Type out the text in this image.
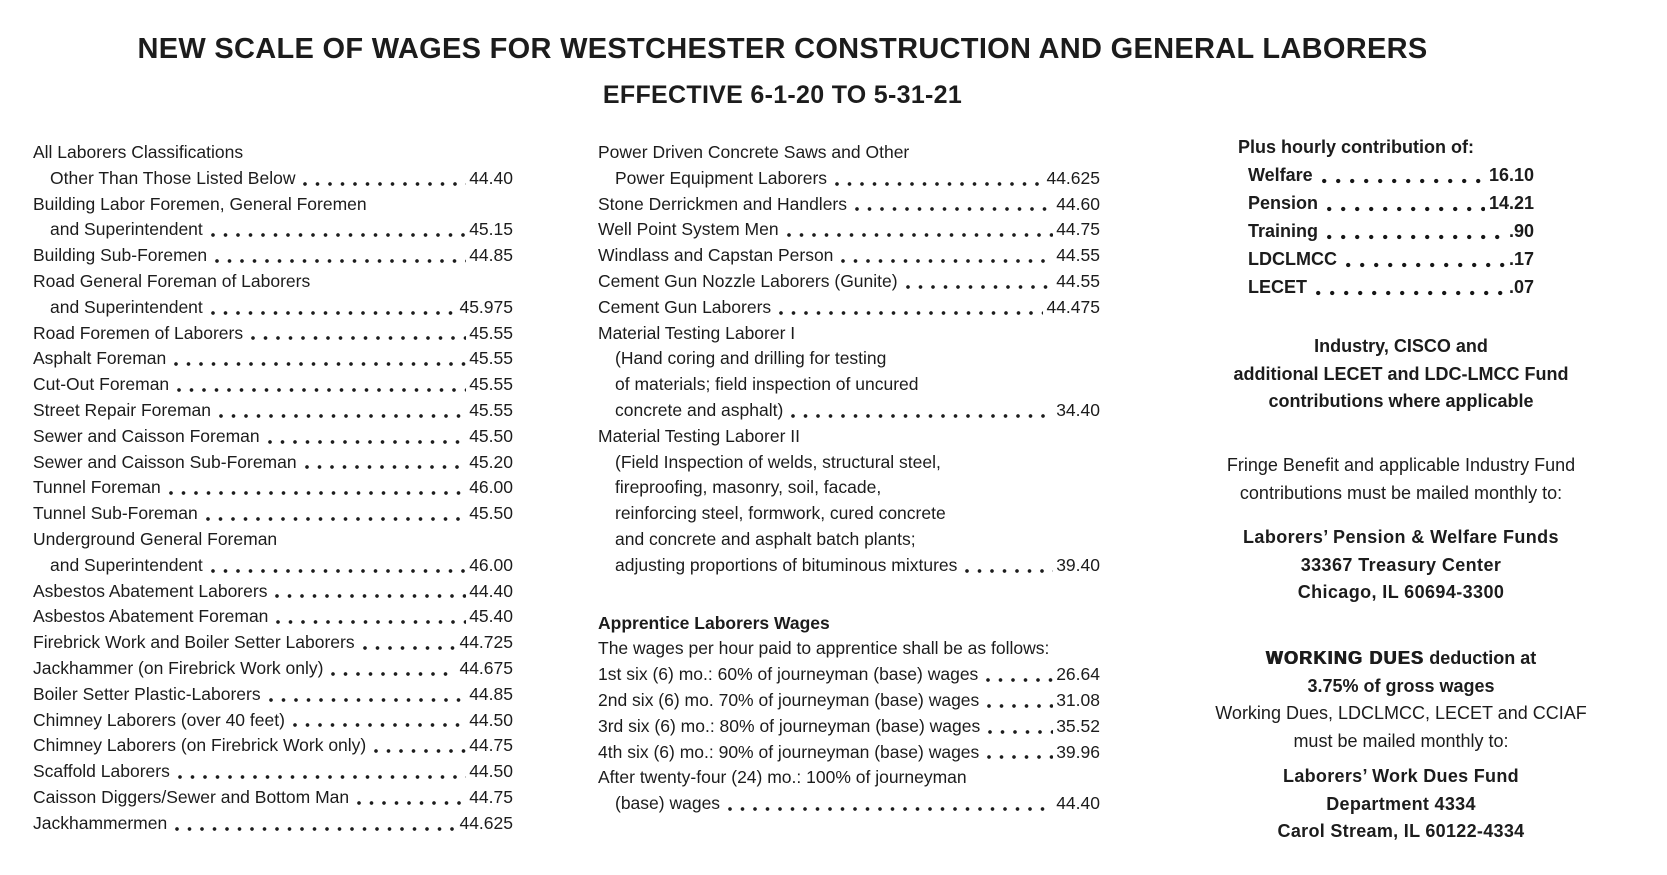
NEW SCALE OF WAGES FOR WESTCHESTER CONSTRUCTION AND GENERAL LABORERS
EFFECTIVE 6-1-20 TO 5-31-21
All Laborers Classifications
Other Than Those Listed Below	44.40
Building Labor Foremen, General Foremen
and Superintendent	45.15
Building Sub-Foremen	44.85
Road General Foreman of Laborers
and Superintendent	45.975
Road Foremen of Laborers	45.55
Asphalt Foreman	45.55
Cut-Out Foreman	45.55
Street Repair Foreman	45.55
Sewer and Caisson Foreman	45.50
Sewer and Caisson Sub-Foreman	45.20
Tunnel Foreman	46.00
Tunnel Sub-Foreman	45.50
Underground General Foreman
and Superintendent	46.00
Asbestos Abatement Laborers	44.40
Asbestos Abatement Foreman	45.40
Firebrick Work and Boiler Setter Laborers	44.725
Jackhammer (on Firebrick Work only)	44.675
Boiler Setter Plastic-Laborers	44.85
Chimney Laborers (over 40 feet)	44.50
Chimney Laborers (on Firebrick Work only)	44.75
Scaffold Laborers	44.50
Caisson Diggers/Sewer and Bottom Man	44.75
Jackhammermen	44.625
Power Driven Concrete Saws and Other
Power Equipment Laborers	44.625
Stone Derrickmen and Handlers	44.60
Well Point System Men	44.75
Windlass and Capstan Person	44.55
Cement Gun Nozzle Laborers (Gunite)	44.55
Cement Gun Laborers	44.475
Material Testing Laborer I
(Hand coring and drilling for testing
of materials; field inspection of uncured
concrete and asphalt)	34.40
Material Testing Laborer II
(Field Inspection of welds, structural steel,
fireproofing, masonry, soil, facade,
reinforcing steel, formwork, cured concrete
and concrete and asphalt batch plants;
adjusting proportions of bituminous mixtures	39.40
Apprentice Laborers Wages
The wages per hour paid to apprentice shall be as follows:
1st six (6) mo.: 60% of journeyman (base) wages	26.64
2nd six (6) mo. 70% of journeyman (base) wages	31.08
3rd six (6) mo.: 80% of journeyman (base) wages	35.52
4th six (6) mo.: 90% of journeyman (base) wages	39.96
After twenty-four (24) mo.: 100% of journeyman
(base) wages	44.40
Plus hourly contribution of:
Welfare	16.10
Pension	14.21
Training	.90
LDCLMCC	.17
LECET	.07
Industry, CISCO and
additional LECET and LDC-LMCC Fund
contributions where applicable
Fringe Benefit and applicable Industry Fund
contributions must be mailed monthly to:
Laborers’ Pension & Welfare Funds
33367 Treasury Center
Chicago, IL 60694-3300
WORKING DUES deduction at
3.75% of gross wages
Working Dues, LDCLMCC, LECET and CCIAF
must be mailed monthly to:
Laborers’ Work Dues Fund
Department 4334
Carol Stream, IL 60122-4334
